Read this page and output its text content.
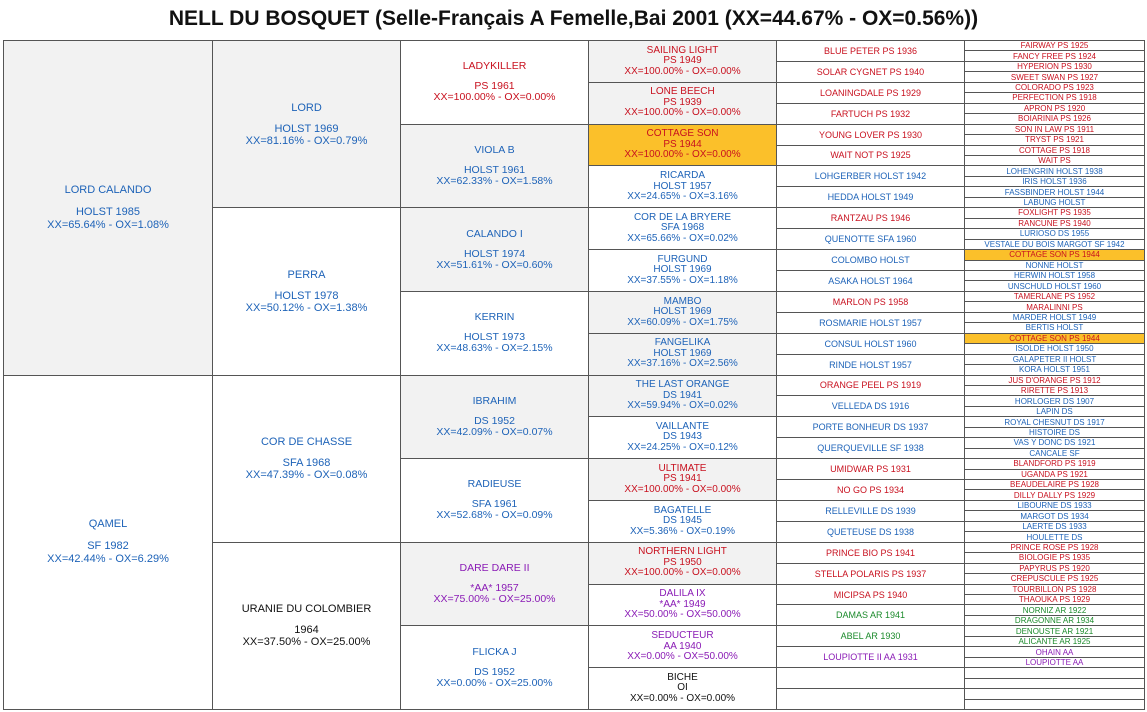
NELL DU BOSQUET (Selle-Français A Femelle,Bai 2001 (XX=44.67% - OX=0.56%))
LORD CALANDO
HOLST 1985
XX=65.64% - OX=1.08%	LORD
HOLST 1969
XX=81.16% - OX=0.79%	LADYKILLER
PS 1961
XX=100.00% - OX=0.00%	SAILING LIGHT
PS 1949
XX=100.00% - OX=0.00%	BLUE PETER PS 1936	FAIRWAY PS 1925

					FANCY FREE PS 1924

				SOLAR CYGNET PS 1940	HYPERION PS 1930

					SWEET SWAN PS 1927

			LONE BEECH
PS 1939
XX=100.00% - OX=0.00%	LOANINGDALE PS 1929	COLORADO PS 1923

					PERFECTION PS 1918

				FARTUCH PS 1932	APRON PS 1920

					BOIARINIA PS 1926

		VIOLA B
HOLST 1961
XX=62.33% - OX=1.58%	COTTAGE SON
PS 1944
XX=100.00% - OX=0.00%	YOUNG LOVER PS 1930	SON IN LAW PS 1911

					TRYST PS 1921

				WAIT NOT PS 1925	COTTAGE PS 1918

					WAIT PS

			RICARDA
HOLST 1957
XX=24.65% - OX=3.16%	LOHGERBER HOLST 1942	LOHENGRIN HOLST 1938

					IRIS HOLST 1936

				HEDDA HOLST 1949	FASSBINDER HOLST 1944

					LABUNG HOLST

	PERRA
HOLST 1978
XX=50.12% - OX=1.38%	CALANDO I
HOLST 1974
XX=51.61% - OX=0.60%	COR DE LA BRYERE
SFA 1968
XX=65.66% - OX=0.02%	RANTZAU PS 1946	FOXLIGHT PS 1935

					RANCUNE PS 1940

				QUENOTTE SFA 1960	LURIOSO DS 1955

					VESTALE DU BOIS MARGOT SF 1942

			FURGUND
HOLST 1969
XX=37.55% - OX=1.18%	COLOMBO HOLST	COTTAGE SON PS 1944

					NONNE HOLST

				ASAKA HOLST 1964	HERWIN HOLST 1958

					UNSCHULD HOLST 1960

		KERRIN
HOLST 1973
XX=48.63% - OX=2.15%	MAMBO
HOLST 1969
XX=60.09% - OX=1.75%	MARLON PS 1958	TAMERLANE PS 1952

					MARALINNI PS

				ROSMARIE HOLST 1957	MARDER HOLST 1949

					BERTIS HOLST

			FANGELIKA
HOLST 1969
XX=37.16% - OX=2.56%	CONSUL HOLST 1960	COTTAGE SON PS 1944

					ISOLDE HOLST 1950

				RINDE HOLST 1957	GALAPETER II HOLST

					KORA HOLST 1951

QAMEL
SF 1982
XX=42.44% - OX=6.29%	COR DE CHASSE
SFA 1968
XX=47.39% - OX=0.08%	IBRAHIM
DS 1952
XX=42.09% - OX=0.07%	THE LAST ORANGE
DS 1941
XX=59.94% - OX=0.02%	ORANGE PEEL PS 1919	JUS D'ORANGE PS 1912

					RIRETTE PS 1913

				VELLEDA DS 1916	HORLOGER DS 1907

					LAPIN DS

			VAILLANTE
DS 1943
XX=24.25% - OX=0.12%	PORTE BONHEUR DS 1937	ROYAL CHESNUT DS 1917

					HISTOIRE DS

				QUERQUEVILLE SF 1938	VAS Y DONC DS 1921

					CANCALE SF

		RADIEUSE
SFA 1961
XX=52.68% - OX=0.09%	ULTIMATE
PS 1941
XX=100.00% - OX=0.00%	UMIDWAR PS 1931	BLANDFORD PS 1919

					UGANDA PS 1921

				NO GO PS 1934	BEAUDELAIRE PS 1928

					DILLY DALLY PS 1929

			BAGATELLE
DS 1945
XX=5.36% - OX=0.19%	RELLEVILLE DS 1939	LIBOURNE DS 1933

					MARGOT DS 1934

				QUETEUSE DS 1938	LAERTE DS 1933

					HOULETTE DS

	URANIE DU COLOMBIER
1964
XX=37.50% - OX=25.00%	DARE DARE II
*AA* 1957
XX=75.00% - OX=25.00%	NORTHERN LIGHT
PS 1950
XX=100.00% - OX=0.00%	PRINCE BIO PS 1941	PRINCE ROSE PS 1928

					BIOLOGIE PS 1935

				STELLA POLARIS PS 1937	PAPYRUS PS 1920

					CREPUSCULE PS 1925

			DALILA IX
*AA* 1949
XX=50.00% - OX=50.00%	MICIPSA PS 1940	TOURBILLON PS 1928

					THAOUKA PS 1929

				DAMAS AR 1941	NORNIZ AR 1922

					DRAGONNE AR 1934

		FLICKA J
DS 1952
XX=0.00% - OX=25.00%	SEDUCTEUR
AA 1940
XX=0.00% - OX=50.00%	ABEL AR 1930	DENOUSTE AR 1921

					ALICANTE AR 1925

				LOUPIOTTE II AA 1931	OHAIN AA

					LOUPIOTTE AA

			BICHE
OI
XX=0.00% - OX=0.00%		
